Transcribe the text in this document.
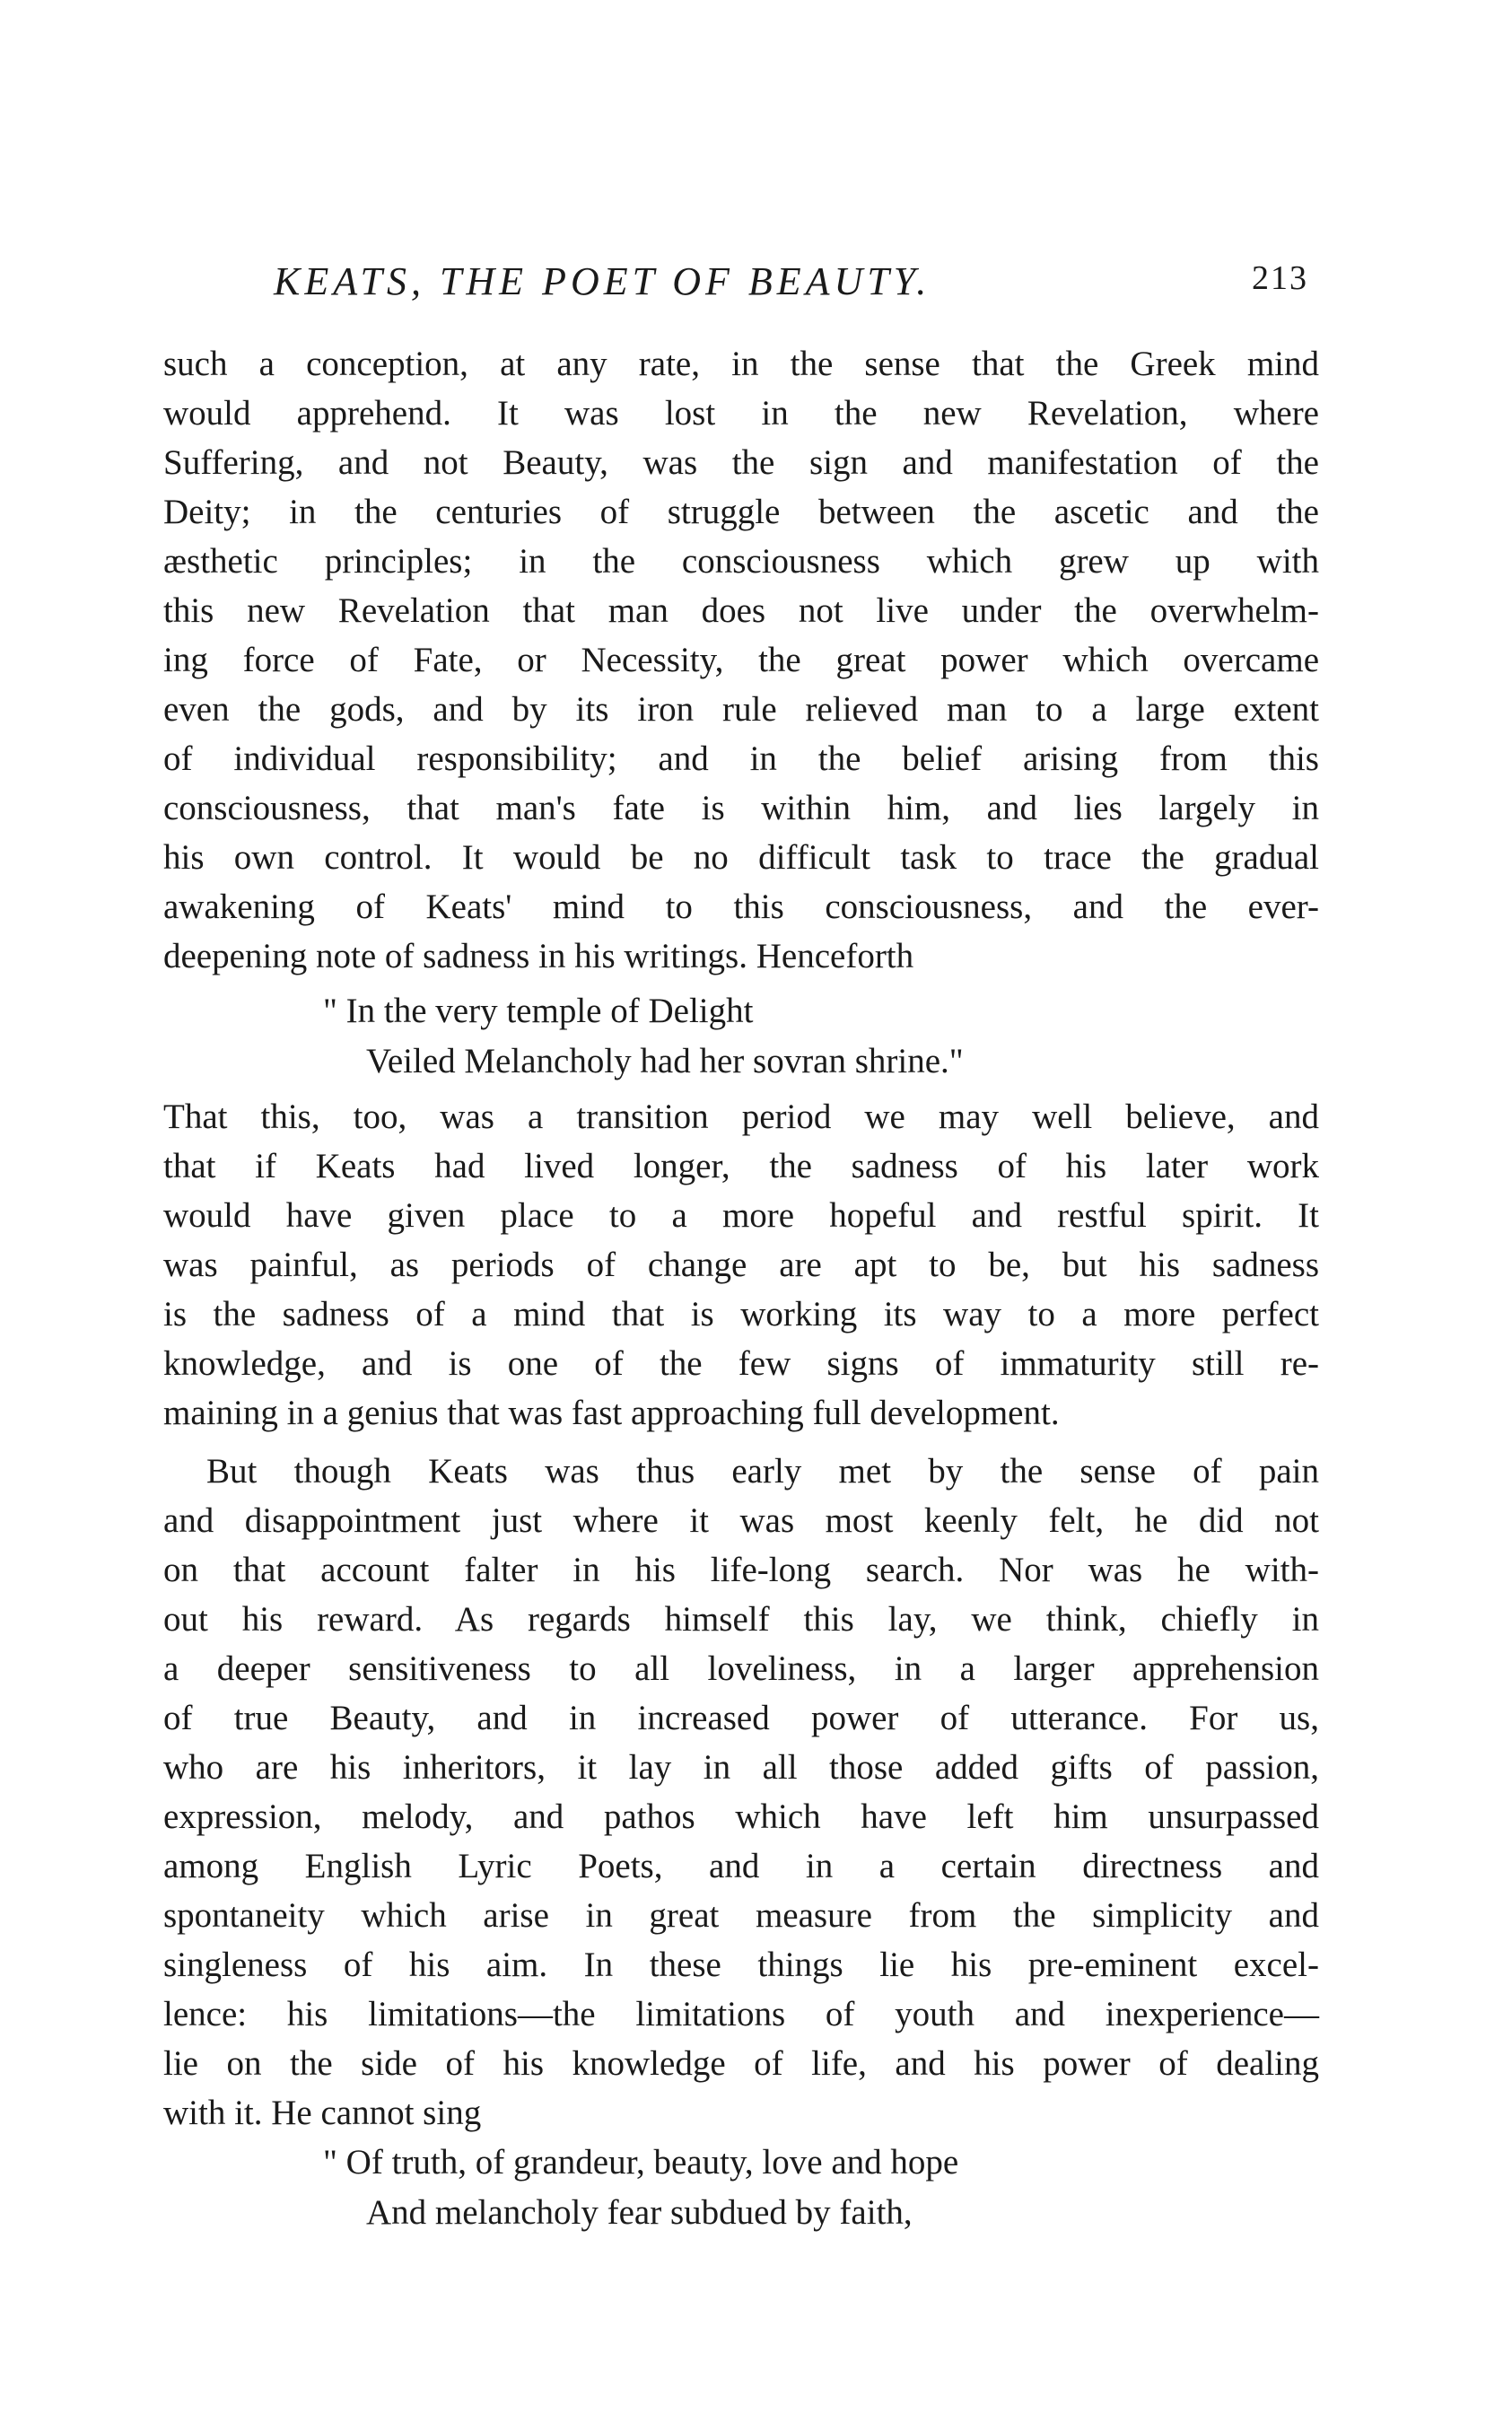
KEATS, THE POET OF BEAUTY.	213
such a conception, at any rate, in the sense that the Greek mind
would apprehend. It was lost in the new Revelation, where
Suffering, and not Beauty, was the sign and manifestation of the
Deity; in the centuries of struggle between the ascetic and the
æsthetic principles; in the consciousness which grew up with
this new Revelation that man does not live under the overwhelm-
ing force of Fate, or Necessity, the great power which overcame
even the gods, and by its iron rule relieved man to a large extent
of individual responsibility; and in the belief arising from this
consciousness, that man's fate is within him, and lies largely in
his own control. It would be no difficult task to trace the gradual
awakening of Keats' mind to this consciousness, and the ever-
deepening note of sadness in his writings. Henceforth
" In the very temple of Delight
Veiled Melancholy had her sovran shrine."
That this, too, was a transition period we may well believe, and
that if Keats had lived longer, the sadness of his later work
would have given place to a more hopeful and restful spirit. It
was painful, as periods of change are apt to be, but his sadness
is the sadness of a mind that is working its way to a more perfect
knowledge, and is one of the few signs of immaturity still re-
maining in a genius that was fast approaching full development.
But though Keats was thus early met by the sense of pain
and disappointment just where it was most keenly felt, he did not
on that account falter in his life-long search. Nor was he with-
out his reward. As regards himself this lay, we think, chiefly in
a deeper sensitiveness to all loveliness, in a larger apprehension
of true Beauty, and in increased power of utterance. For us,
who are his inheritors, it lay in all those added gifts of passion,
expression, melody, and pathos which have left him unsurpassed
among English Lyric Poets, and in a certain directness and
spontaneity which arise in great measure from the simplicity and
singleness of his aim. In these things lie his pre-eminent excel-
lence: his limitations—the limitations of youth and inexperience—
lie on the side of his knowledge of life, and his power of dealing
with it. He cannot sing
" Of truth, of grandeur, beauty, love and hope
And melancholy fear subdued by faith,
